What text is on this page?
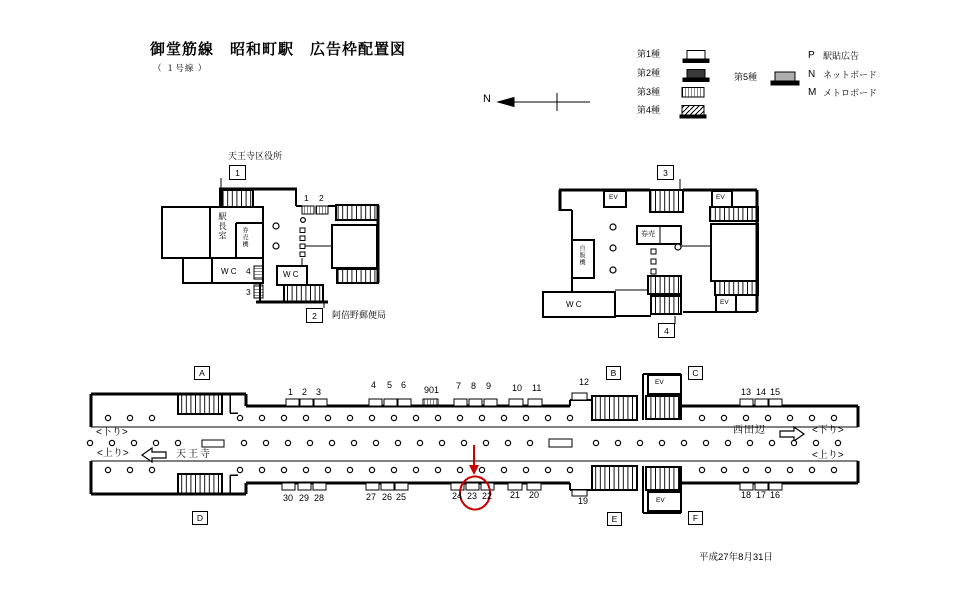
御堂筋線　昭和町駅　広告枠配置図
（ １号線 ）
N
第1種
第2種
第3種
第4種
第5種
P 駅貼広告
N ネットボード
M メトロボード
天王寺区役所
1
2 阿倍野郵便局
駅長室 券売機
W C	W C
1 2
4
3
3
4
EV	EV
EV
券売
自販機
W C
A	B	C
D	E	F
EV
EV
1 2 3
4 5 6 901 7 8 9 10 11
12
13 14 15
30 29 28	27 26 25	24 23 22 21 20
19
18 17 16
<下り>
<上り>	天王寺
西田辺	<下り>
<上り>
平成27年8月31日
